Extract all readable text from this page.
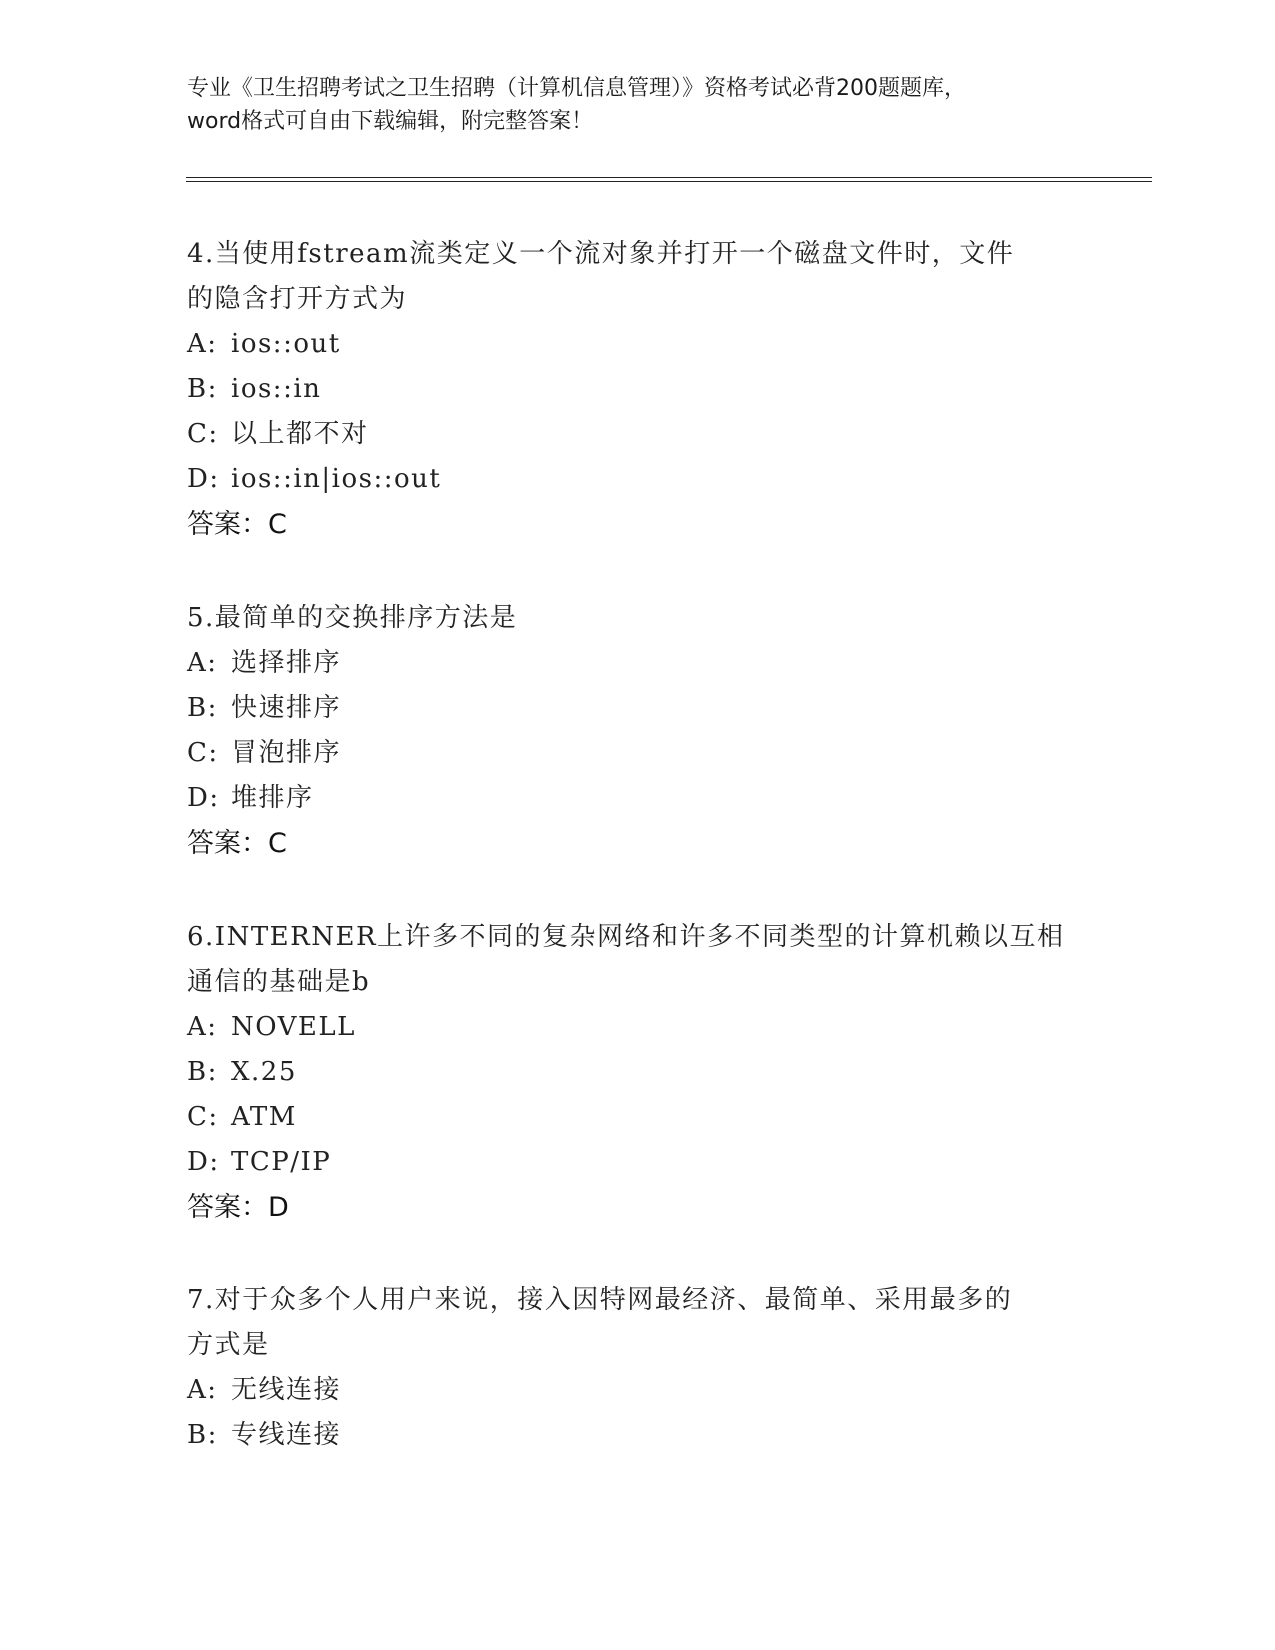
专业《卫生招聘考试之卫生招聘（计算机信息管理）》资格考试必背200题题库，
word格式可自由下载编辑，附完整答案！
4.当使用fstream流类定义一个流对象并打开一个磁盘文件时，文件
的隐含打开方式为
A: ios::out
B: ios::in
C: 以上都不对
D: ios::in|ios::out
答案：C
5.最简单的交换排序方法是
A: 选择排序
B: 快速排序
C: 冒泡排序
D: 堆排序
答案：C
6.INTERNER上许多不同的复杂网络和许多不同类型的计算机赖以互相
通信的基础是b
A: NOVELL
B: X.25
C: ATM
D: TCP/IP
答案：D
7.对于众多个人用户来说，接入因特网最经济、最简单、采用最多的
方式是
A: 无线连接
B: 专线连接
